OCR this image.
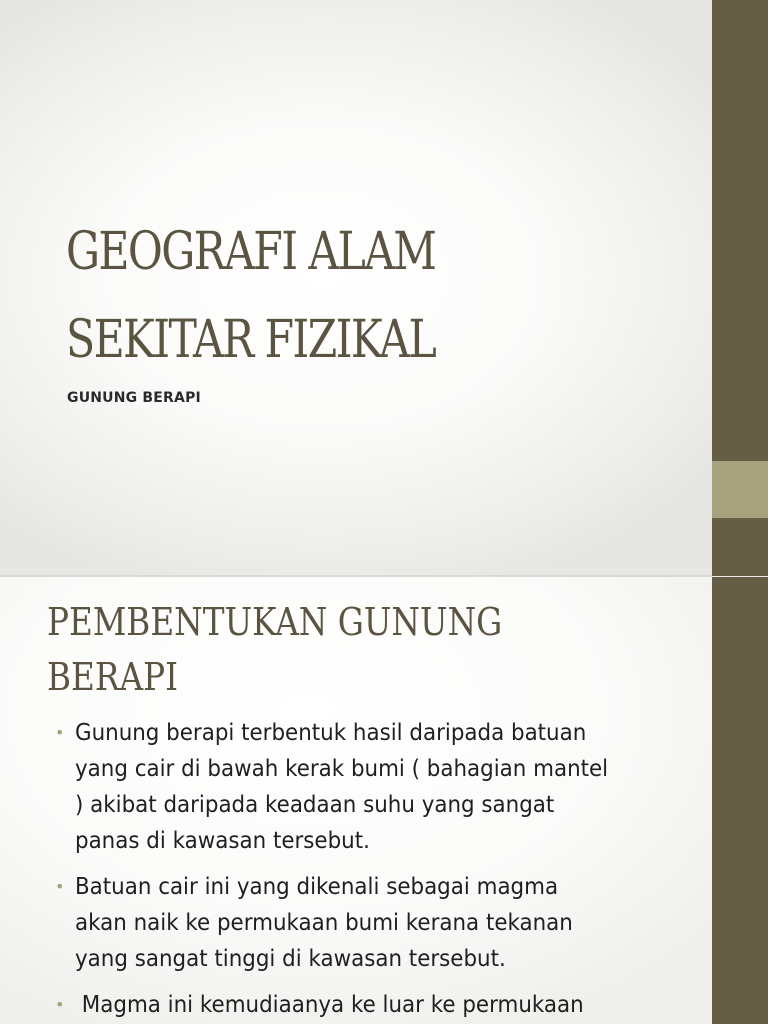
GEOGRAFI ALAM
SEKITAR FIZIKAL
GUNUNG BERAPI
PEMBENTUKAN GUNUNG
BERAPI
• Gunung berapi terbentuk hasil daripada batuan
yang cair di bawah kerak bumi ( bahagian mantel
) akibat daripada keadaan suhu yang sangat
panas di kawasan tersebut.
• Batuan cair ini yang dikenali sebagai magma
akan naik ke permukaan bumi kerana tekanan
yang sangat tinggi di kawasan tersebut.
• Magma ini kemudiaanya ke luar ke permukaan
